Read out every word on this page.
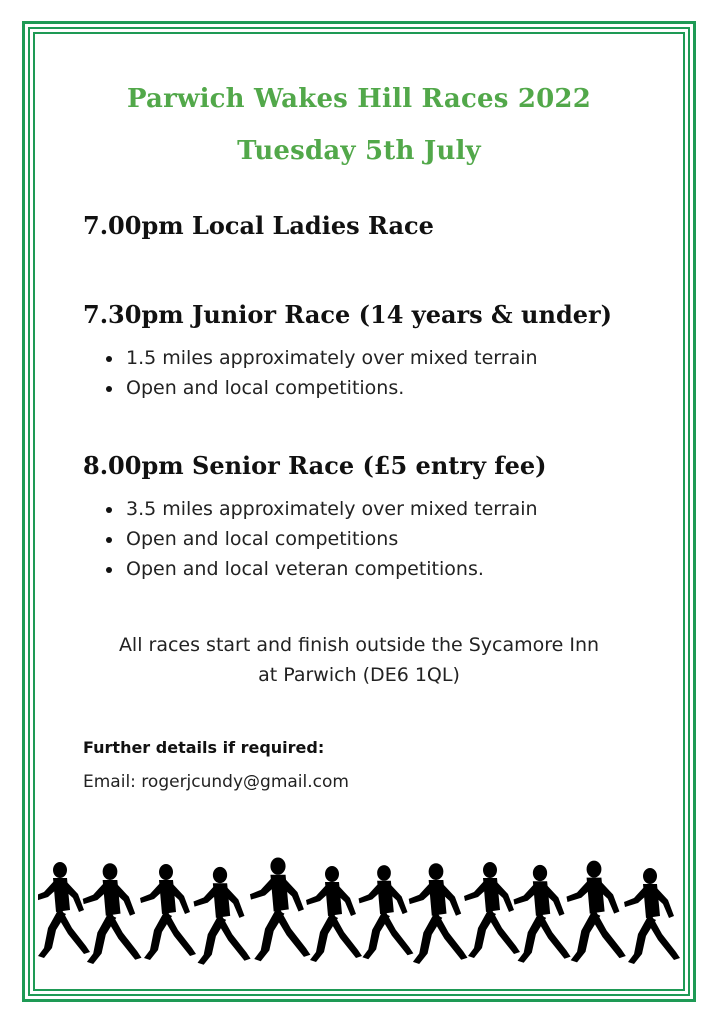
Parwich Wakes Hill Races 2022
Tuesday 5th July
7.00pm Local Ladies Race
7.30pm Junior Race (14 years & under)
1.5 miles approximately over mixed terrain
Open and local competitions.
8.00pm Senior Race (£5 entry fee)
3.5 miles approximately over mixed terrain
Open and local competitions
Open and local veteran competitions.

All races start and finish outside the Sycamore Inn
at Parwich (DE6 1QL)

Further details if required:

Email: rogerjcundy@gmail.com
